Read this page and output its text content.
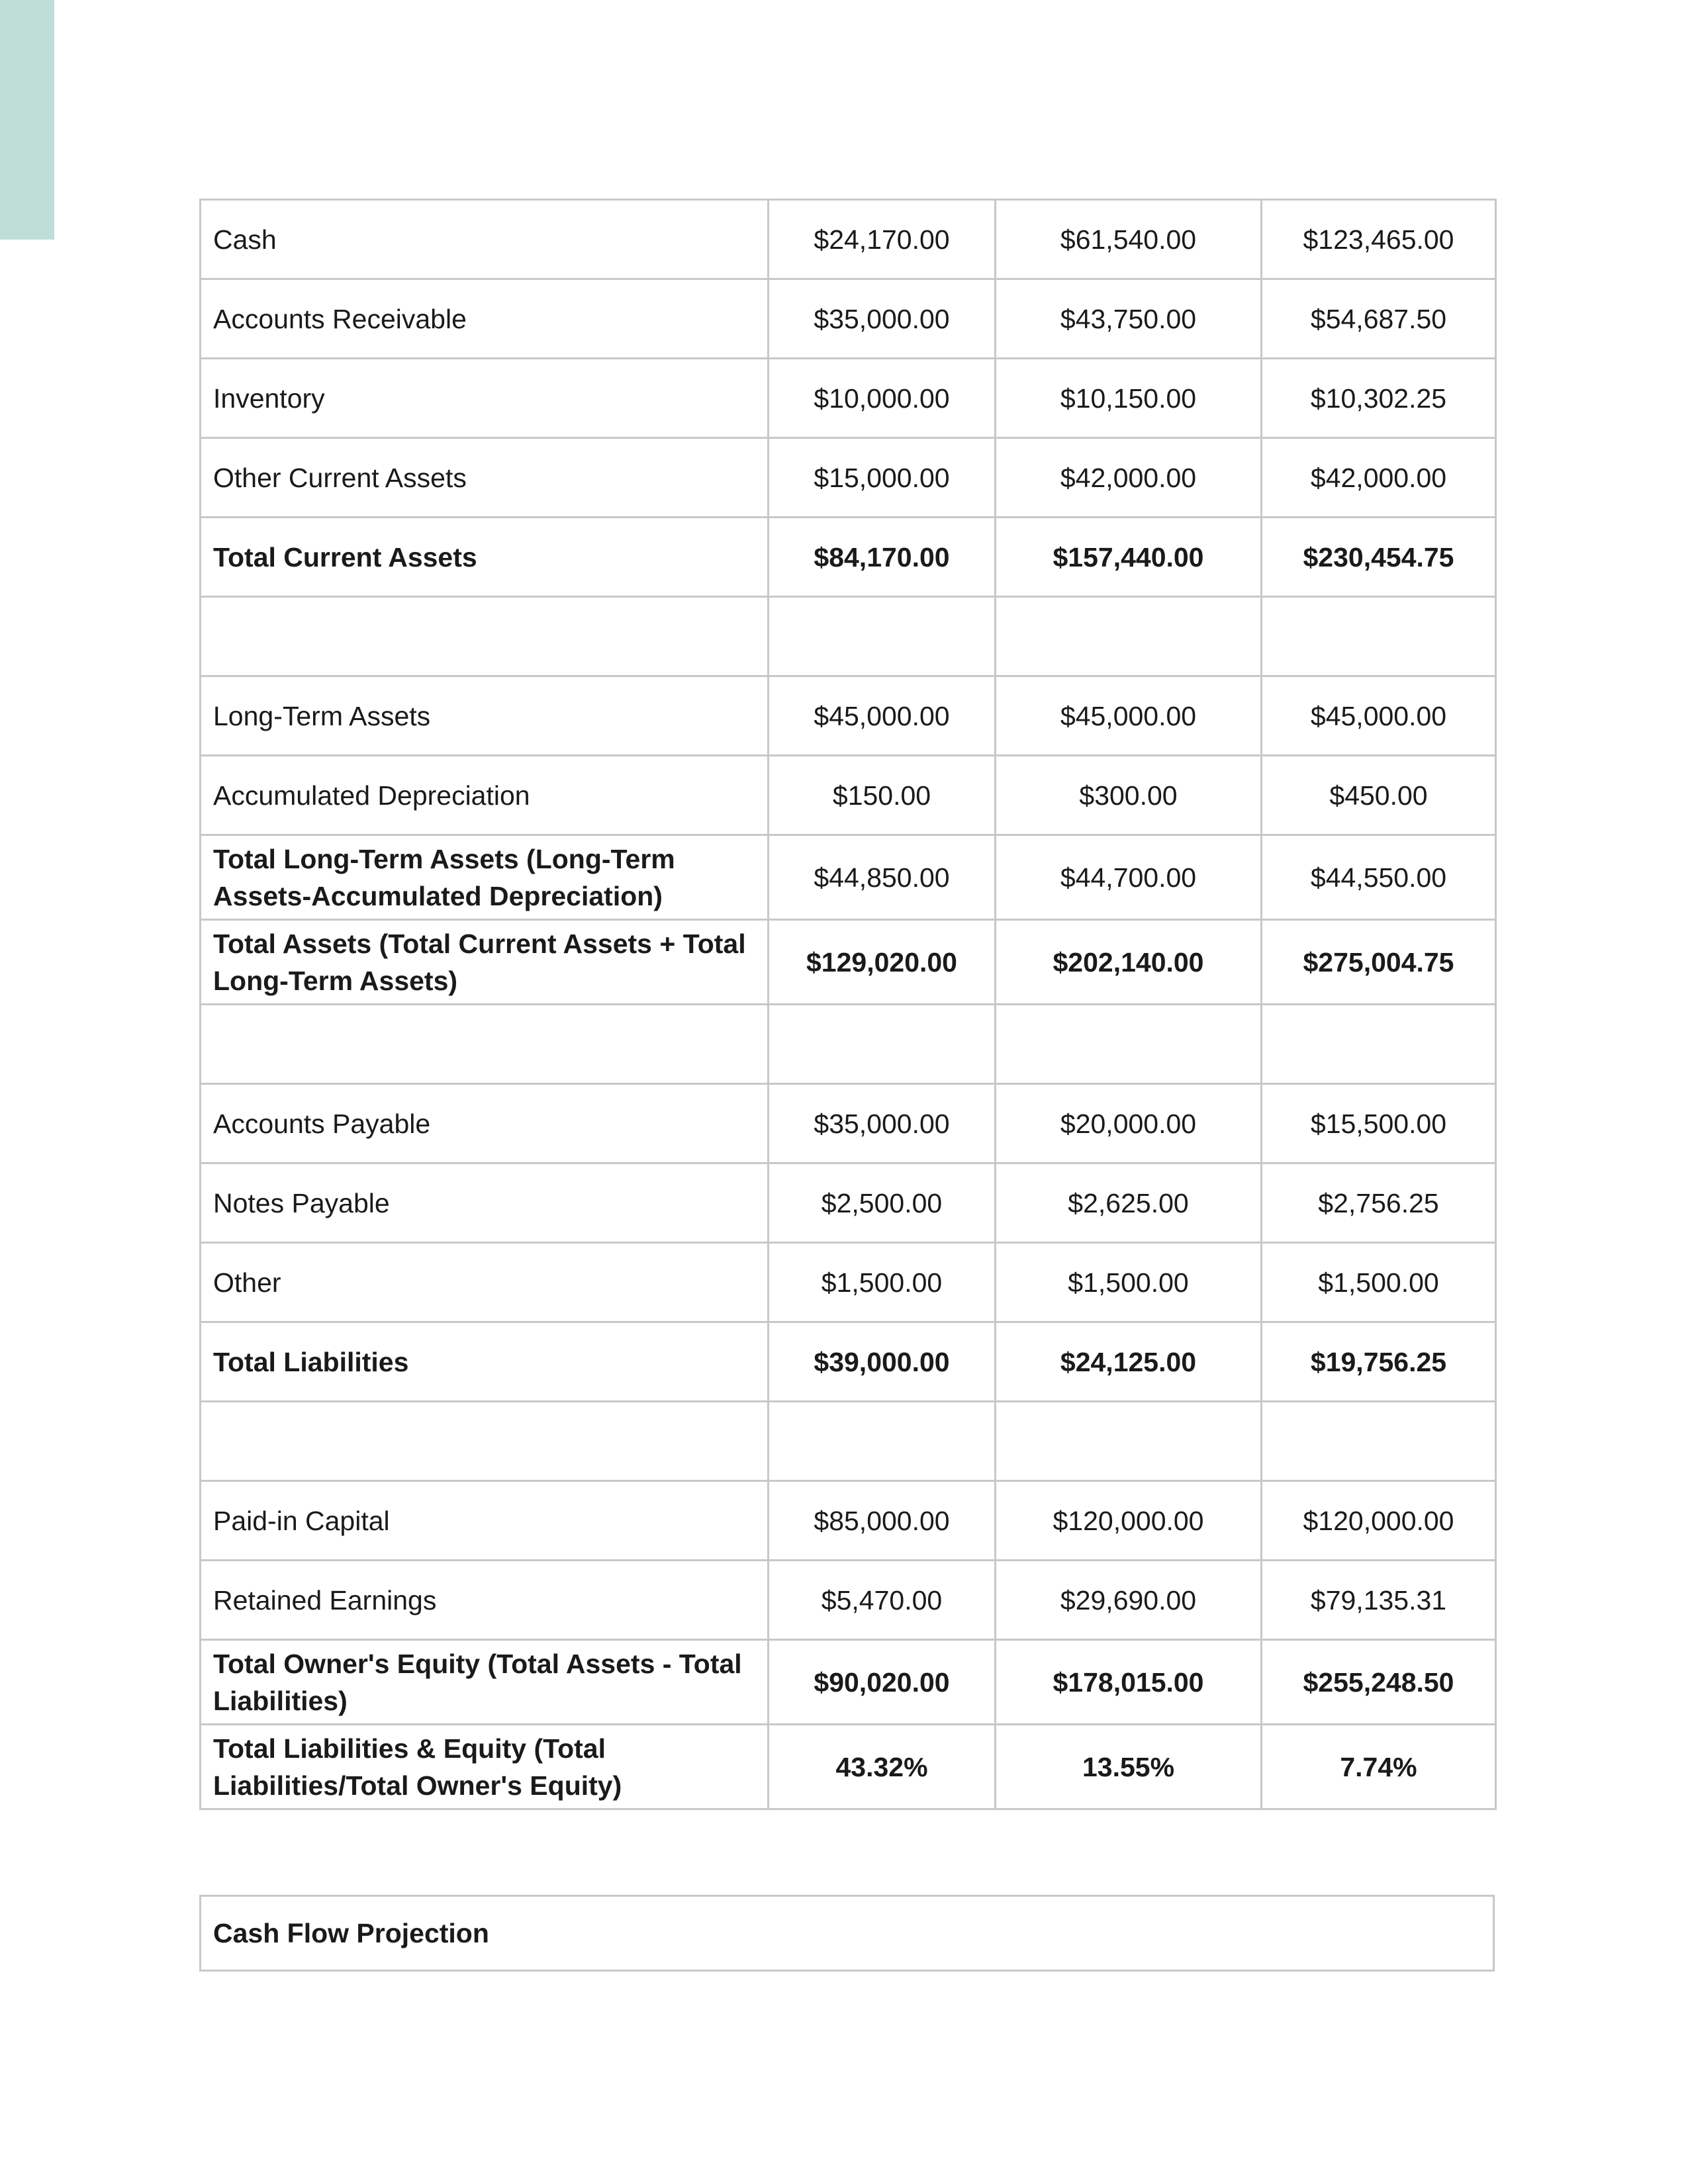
Cash	$24,170.00	$61,540.00	$123,465.00
Accounts Receivable	$35,000.00	$43,750.00	$54,687.50
Inventory	$10,000.00	$10,150.00	$10,302.25
Other Current Assets	$15,000.00	$42,000.00	$42,000.00
Total Current Assets	$84,170.00	$157,440.00	$230,454.75

Long-Term Assets	$45,000.00	$45,000.00	$45,000.00
Accumulated Depreciation	$150.00	$300.00	$450.00
Total Long-Term Assets (Long-Term Assets-Accumulated Depreciation)	$44,850.00	$44,700.00	$44,550.00
Total Assets (Total Current Assets + Total Long-Term Assets)	$129,020.00	$202,140.00	$275,004.75

Accounts Payable	$35,000.00	$20,000.00	$15,500.00
Notes Payable	$2,500.00	$2,625.00	$2,756.25
Other	$1,500.00	$1,500.00	$1,500.00
Total Liabilities	$39,000.00	$24,125.00	$19,756.25

Paid-in Capital	$85,000.00	$120,000.00	$120,000.00
Retained Earnings	$5,470.00	$29,690.00	$79,135.31
Total Owner's Equity (Total Assets - Total Liabilities)	$90,020.00	$178,015.00	$255,248.50
Total Liabilities & Equity (Total Liabilities/Total Owner's Equity)	43.32%	13.55%	7.74%
Cash Flow Projection
